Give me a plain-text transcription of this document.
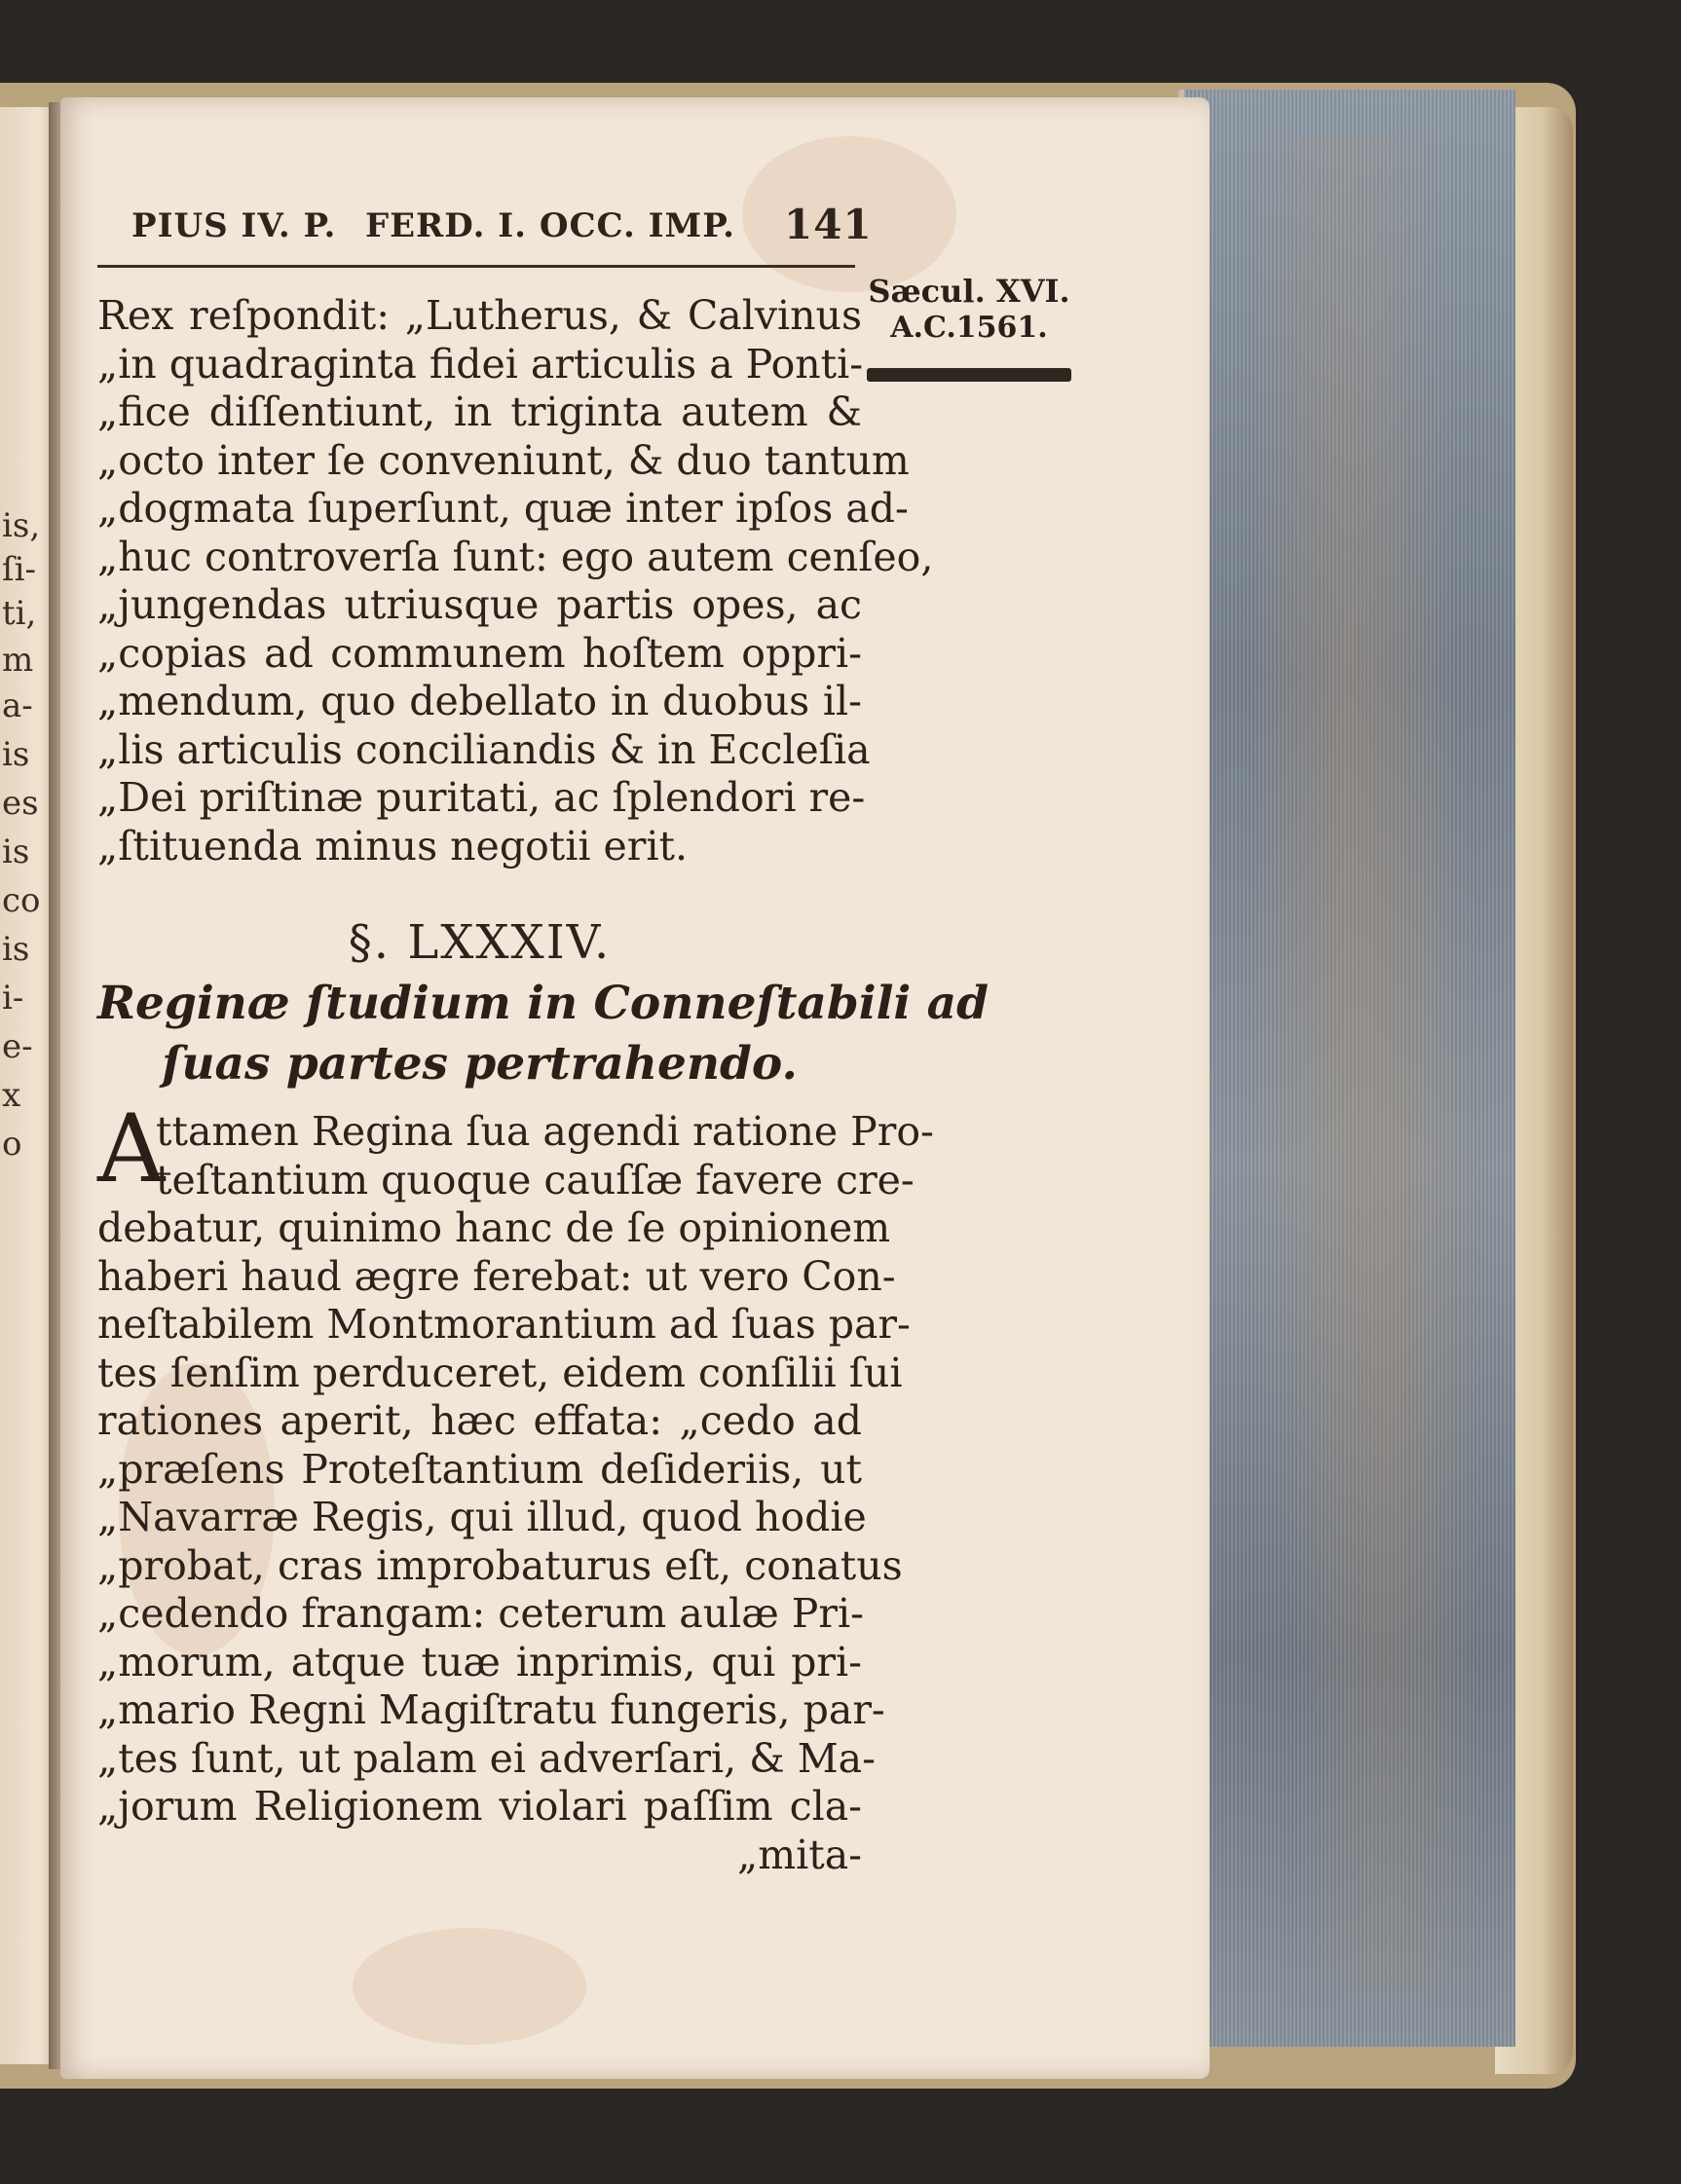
is,
ſi-
ti,
m
a-
is
es
is
co
is
i-
e-
x
o
PIUS IV. P. FERD. I. OCC. IMP. 141
Sæcul. XVI.
A.C.1561.
Rex reſpondit: „Lutherus, & Calvinus
„in quadraginta fidei articulis a Ponti-
„fice diſſentiunt, in triginta autem &
„octo inter ſe conveniunt, & duo tantum
„dogmata ſuperſunt, quæ inter ipſos ad-
„huc controverſa ſunt: ego autem cenſeo,
„jungendas utriusque partis opes, ac
„copias ad communem hoſtem oppri-
„mendum, quo debellato in duobus il-
„lis articulis conciliandis & in Eccleſia
„Dei priſtinæ puritati, ac ſplendori re-
„ſtituenda minus negotii erit.
§. LXXXIV.
Reginæ ſtudium in Conneſtabili ad
ſuas partes pertrahendo.
A
ttamen Regina ſua agendi ratione Pro-
teſtantium quoque cauſſæ favere cre-
debatur, quinimo hanc de ſe opinionem
haberi haud ægre ferebat: ut vero Con-
neſtabilem Montmorantium ad ſuas par-
tes ſenſim perduceret, eidem conſilii ſui
rationes aperit, hæc effata: „cedo ad
„præſens Proteſtantium deſideriis, ut
„Navarræ Regis, qui illud, quod hodie
„probat, cras improbaturus eſt, conatus
„cedendo frangam: ceterum aulæ Pri-
„morum, atque tuæ inprimis, qui pri-
„mario Regni Magiſtratu fungeris, par-
„tes ſunt, ut palam ei adverſari, & Ma-
„jorum Religionem violari paſſim cla-
„mita-
